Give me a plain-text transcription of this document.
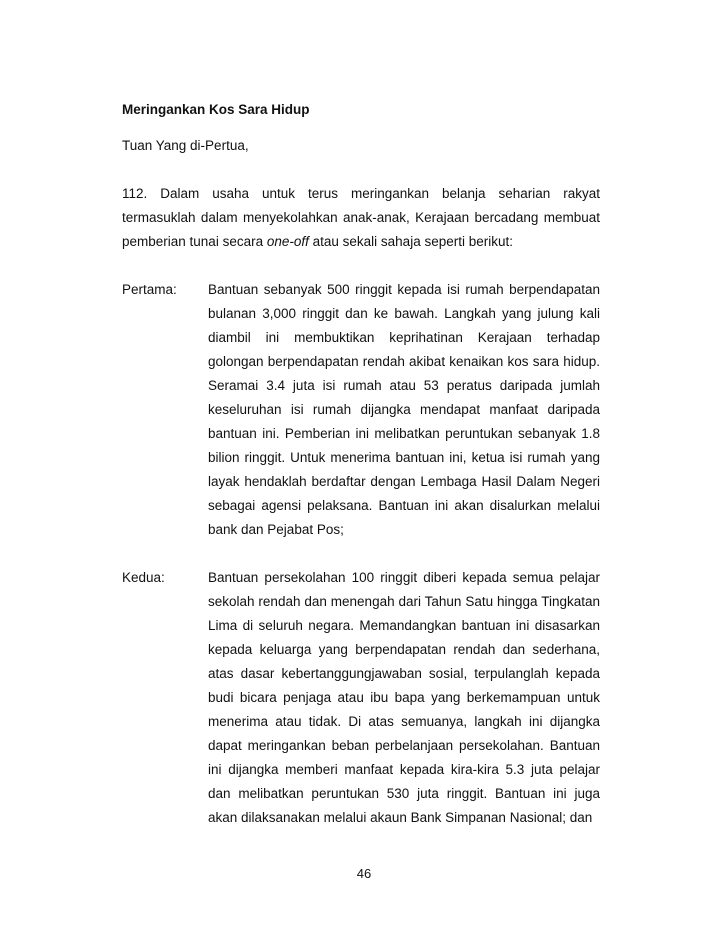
Meringankan Kos Sara Hidup

Tuan Yang di-Pertua,

112. Dalam usaha untuk terus meringankan belanja seharian rakyat termasuklah dalam menyekolahkan anak-anak, Kerajaan bercadang membuat pemberian tunai secara one-off atau sekali sahaja seperti berikut:

Pertama:	Bantuan sebanyak 500 ringgit kepada isi rumah berpendapatan bulanan 3,000 ringgit dan ke bawah. Langkah yang julung kali diambil ini membuktikan keprihatinan Kerajaan terhadap golongan berpendapatan rendah akibat kenaikan kos sara hidup. Seramai 3.4 juta isi rumah atau 53 peratus daripada jumlah keseluruhan isi rumah dijangka mendapat manfaat daripada bantuan ini. Pemberian ini melibatkan peruntukan sebanyak 1.8 bilion ringgit. Untuk menerima bantuan ini, ketua isi rumah yang layak hendaklah berdaftar dengan Lembaga Hasil Dalam Negeri sebagai agensi pelaksana. Bantuan ini akan disalurkan melalui bank dan Pejabat Pos;
Kedua:	Bantuan persekolahan 100 ringgit diberi kepada semua pelajar sekolah rendah dan menengah dari Tahun Satu hingga Tingkatan Lima di seluruh negara. Memandangkan bantuan ini disasarkan kepada keluarga yang berpendapatan rendah dan sederhana, atas dasar kebertanggungjawaban sosial, terpulanglah kepada budi bicara penjaga atau ibu bapa yang berkemampuan untuk menerima atau tidak. Di atas semuanya, langkah ini dijangka dapat meringankan beban perbelanjaan persekolahan. Bantuan ini dijangka memberi manfaat kepada kira-kira 5.3 juta pelajar dan melibatkan peruntukan 530 juta ringgit. Bantuan ini juga akan dilaksanakan melalui akaun Bank Simpanan Nasional; dan
46
